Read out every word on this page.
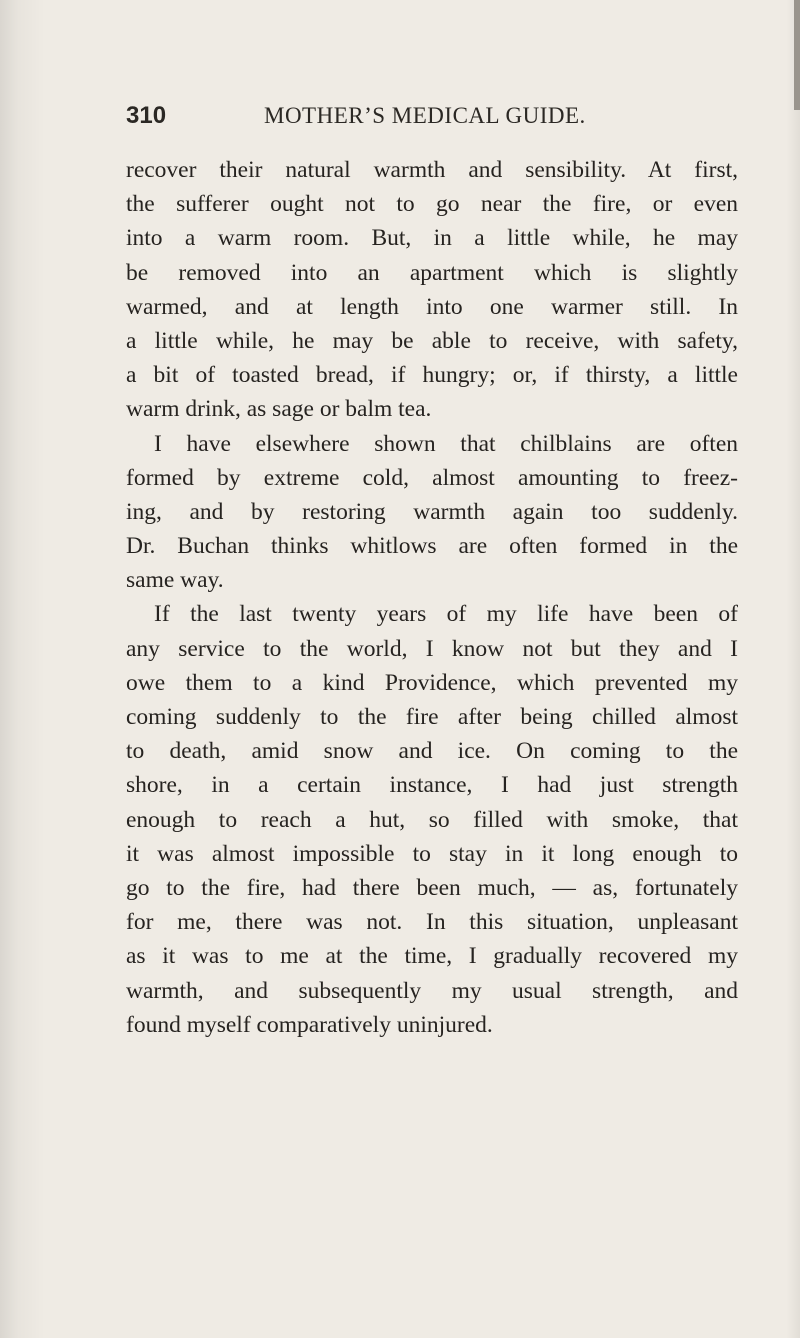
310	MOTHER’S MEDICAL GUIDE.
recover their natural warmth and sensibility. At first,
the sufferer ought not to go near the fire, or even
into a warm room. But, in a little while, he may
be removed into an apartment which is slightly
warmed, and at length into one warmer still. In
a little while, he may be able to receive, with safety,
a bit of toasted bread, if hungry; or, if thirsty, a little
warm drink, as sage or balm tea.
I have elsewhere shown that chilblains are often
formed by extreme cold, almost amounting to freez-
ing, and by restoring warmth again too suddenly.
Dr. Buchan thinks whitlows are often formed in the
same way.
If the last twenty years of my life have been of
any service to the world, I know not but they and I
owe them to a kind Providence, which prevented my
coming suddenly to the fire after being chilled almost
to death, amid snow and ice. On coming to the
shore, in a certain instance, I had just strength
enough to reach a hut, so filled with smoke, that
it was almost impossible to stay in it long enough to
go to the fire, had there been much, — as, fortunately
for me, there was not. In this situation, unpleasant
as it was to me at the time, I gradually recovered my
warmth, and subsequently my usual strength, and
found myself comparatively uninjured.
